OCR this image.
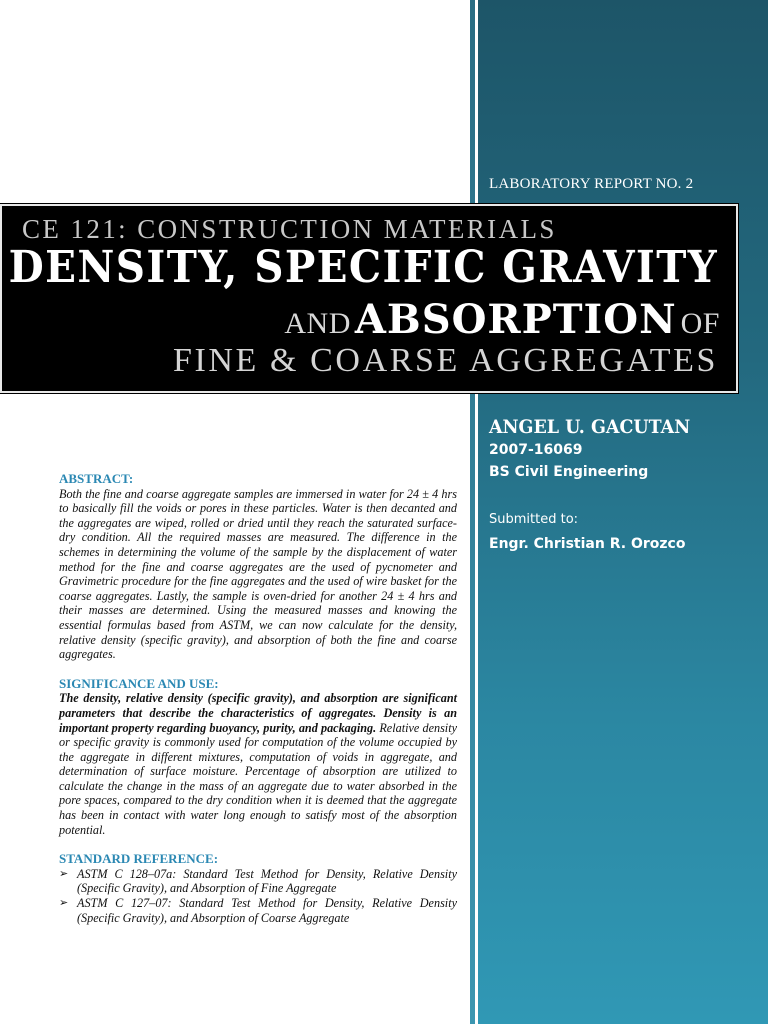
LABORATORY REPORT NO. 2
CE 121: CONSTRUCTION MATERIALS
DENSITY, SPECIFIC GRAVITY
AND ABSORPTION OF
FINE & COARSE AGGREGATES
ANGEL U. GACUTAN
2007-16069
BS Civil Engineering
Submitted to:
Engr. Christian R. Orozco

ABSTRACT:

Both the fine and coarse aggregate samples are immersed in water for 24 ± 4 hrs to basically fill the voids or pores in these particles. Water is then decanted and the aggregates are wiped, rolled or dried until they reach the saturated surface-dry condition. All the required masses are measured. The difference in the schemes in determining the volume of the sample by the displacement of water method for the fine and coarse aggregates are the used of pycnometer and Gravimetric procedure for the fine aggregates and the used of wire basket for the coarse aggregates. Lastly, the sample is oven-dried for another 24 ± 4 hrs and their masses are determined. Using the measured masses and knowing the essential formulas based from ASTM, we can now calculate for the density, relative density (specific gravity), and absorption of both the fine and coarse aggregates.

SIGNIFICANCE AND USE:

The density, relative density (specific gravity), and absorption are significant parameters that describe the characteristics of aggregates. Density is an important property regarding buoyancy, purity, and packaging. Relative density or specific gravity is commonly used for computation of the volume occupied by the aggregate in different mixtures, computation of voids in aggregate, and determination of surface moisture. Percentage of absorption are utilized to calculate the change in the mass of an aggregate due to water absorbed in the pore spaces, compared to the dry condition when it is deemed that the aggregate has been in contact with water long enough to satisfy most of the absorption potential.

STANDARD REFERENCE:

➢ ASTM C 128–07a: Standard Test Method for Density, Relative Density (Specific Gravity), and Absorption of Fine Aggregate
➢ ASTM C 127–07: Standard Test Method for Density, Relative Density (Specific Gravity), and Absorption of Coarse Aggregate
